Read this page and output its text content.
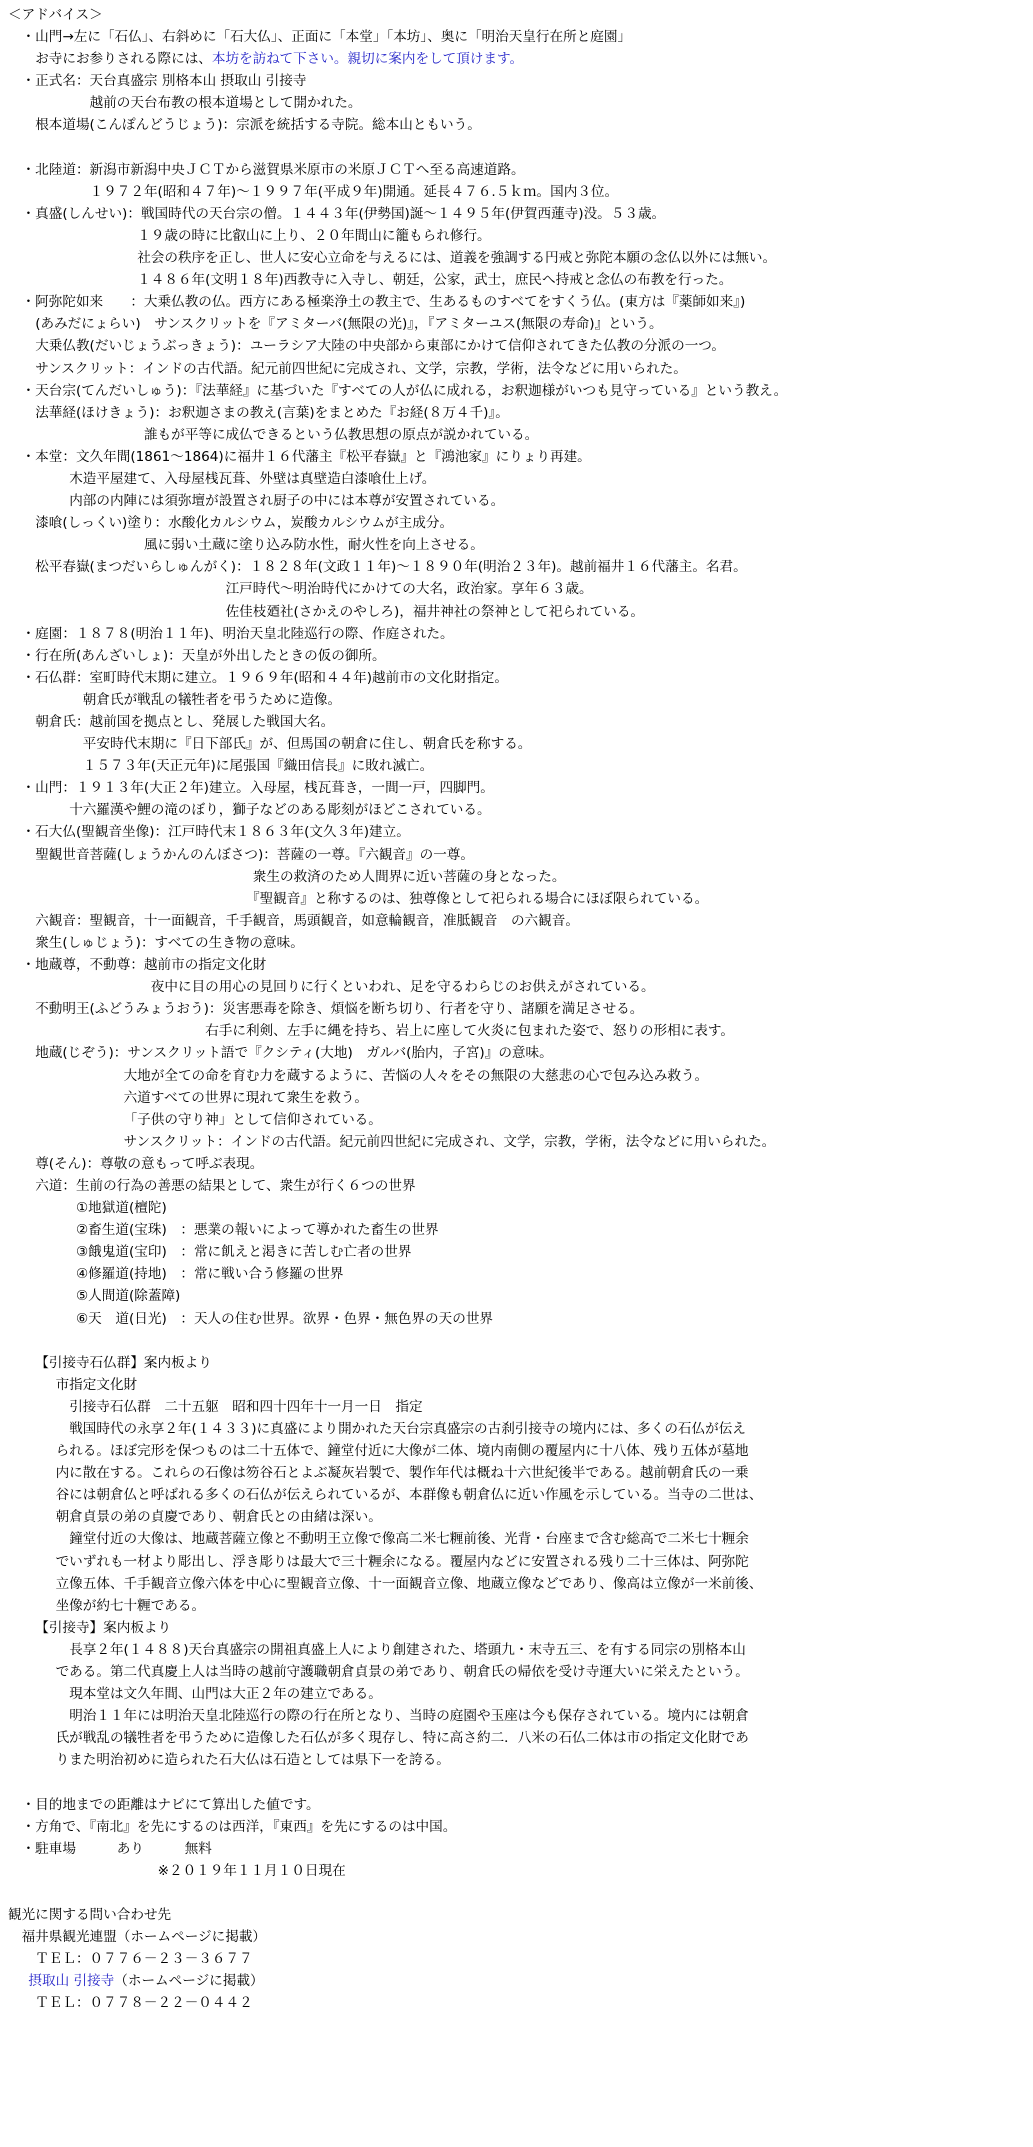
＜アドバイス＞
・山門→左に「石仏」、右斜めに「石大仏」、正面に「本堂」「本坊」、奥に「明治天皇行在所と庭園」
お寺にお参りされる際には、本坊を訪ねて下さい。親切に案内をして頂けます。
・正式名：天台真盛宗 別格本山 摂取山 引接寺
越前の天台布教の根本道場として開かれた。
根本道場(こんぽんどうじょう)：宗派を統括する寺院。総本山ともいう。
・北陸道：新潟市新潟中央ＪＣＴから滋賀県米原市の米原ＪＣＴへ至る高速道路。
１９７２年(昭和４７年)〜１９９７年(平成９年)開通。延長４７６.５ｋｍ。国内３位。
・真盛(しんせい)：戦国時代の天台宗の僧。１４４３年(伊勢国)誕〜１４９５年(伊賀西蓮寺)没。５３歳。
１９歳の時に比叡山に上り、２０年間山に籠もられ修行。
社会の秩序を正し、世人に安心立命を与えるには、道義を強調する円戒と弥陀本願の念仏以外には無い。
１４８６年(文明１８年)西教寺に入寺し、朝廷，公家，武士，庶民へ持戒と念仏の布教を行った。
・阿弥陀如来　　：大乗仏教の仏。西方にある極楽浄土の教主で、生あるものすべてをすくう仏。(東方は『薬師如来』)
(あみだにょらい)　サンスクリットを『アミターバ(無限の光)』，『アミターユス(無限の寿命)』という。
大乗仏教(だいじょうぶっきょう)：ユーラシア大陸の中央部から東部にかけて信仰されてきた仏教の分派の一つ。
サンスクリット：インドの古代語。紀元前四世紀に完成され、文学，宗教，学術，法令などに用いられた。
・天台宗(てんだいしゅう)：『法華経』に基づいた『すべての人が仏に成れる，お釈迦様がいつも見守っている』という教え。
法華経(ほけきょう)：お釈迦さまの教え(言葉)をまとめた『お経(８万４千)』。
誰もが平等に成仏できるという仏教思想の原点が説かれている。
・本堂：文久年間(1861〜1864)に福井１６代藩主『松平春嶽』と『鴻池家』にりょり再建。
木造平屋建て、入母屋桟瓦葺、外壁は真壁造白漆喰仕上げ。
内部の内陣には須弥壇が設置され厨子の中には本尊が安置されている。
漆喰(しっくい)塗り：水酸化カルシウム，炭酸カルシウムが主成分。
風に弱い土蔵に塗り込み防水性，耐火性を向上させる。
松平春嶽(まつだいらしゅんがく)：１８２８年(文政１１年)〜１８９０年(明治２３年)。越前福井１６代藩主。名君。
江戸時代〜明治時代にかけての大名，政治家。享年６３歳。
佐佳枝廼社(さかえのやしろ)，福井神社の祭神として祀られている。
・庭園：１８７８(明治１１年)、明治天皇北陸巡行の際、作庭された。
・行在所(あんざいしょ)：天皇が外出したときの仮の御所。
・石仏群：室町時代末期に建立。１９６９年(昭和４４年)越前市の文化財指定。
朝倉氏が戦乱の犠牲者を弔うために造像。
朝倉氏：越前国を拠点とし、発展した戦国大名。
平安時代末期に『日下部氏』が、但馬国の朝倉に住し、朝倉氏を称する。
１５７３年(天正元年)に尾張国『織田信長』に敗れ滅亡。
・山門：１９１３年(大正２年)建立。入母屋，桟瓦葺き，一間一戸，四脚門。
十六羅漢や鯉の滝のぼり，獅子などのある彫刻がほどこされている。
・石大仏(聖観音坐像)：江戸時代末１８６３年(文久３年)建立。
聖観世音菩薩(しょうかんのんぼさつ)：菩薩の一尊。『六観音』の一尊。
衆生の救済のため人間界に近い菩薩の身となった。
『聖観音』と称するのは、独尊像として祀られる場合にほぼ限られている。
六観音：聖観音，十一面観音，千手観音，馬頭観音，如意輪観音，准胝観音　の六観音。
衆生(しゅじょう)：すべての生き物の意味。
・地蔵尊，不動尊：越前市の指定文化財
夜中に目の用心の見回りに行くといわれ、足を守るわらじのお供えがされている。
不動明王(ふどうみょうおう)：災害悪毒を除き、煩悩を断ち切り、行者を守り、諸願を満足させる。
右手に利剣、左手に縄を持ち、岩上に座して火炎に包まれた姿で、怒りの形相に表す。
地蔵(じぞう)：サンスクリット語で『クシティ(大地)　ガルバ(胎内，子宮)』の意味。
大地が全ての命を育む力を蔵するように、苦悩の人々をその無限の大慈悲の心で包み込み救う。
六道すべての世界に現れて衆生を救う。
「子供の守り神」として信仰されている。
サンスクリット：インドの古代語。紀元前四世紀に完成され、文学，宗教，学術，法令などに用いられた。
尊(そん)：尊敬の意もって呼ぶ表現。
六道：生前の行為の善悪の結果として、衆生が行く６つの世界
①地獄道(檀陀)
②畜生道(宝珠)　：悪業の報いによって導かれた畜生の世界
③餓鬼道(宝印)　：常に飢えと渇きに苦しむ亡者の世界
④修羅道(持地)　：常に戦い合う修羅の世界
⑤人間道(除蓋障)
⑥天　道(日光)　：天人の住む世界。欲界・色界・無色界の天の世界
【引接寺石仏群】案内板より
市指定文化財
引接寺石仏群　二十五躯　昭和四十四年十一月一日　指定
戦国時代の永享２年(１４３３)に真盛により開かれた天台宗真盛宗の古刹引接寺の境内には、多くの石仏が伝え
られる。ほぼ完形を保つものは二十五体で、鐘堂付近に大像が二体、境内南側の覆屋内に十八体、残り五体が墓地
内に散在する。これらの石像は笏谷石とよぶ凝灰岩製で、製作年代は概ね十六世紀後半である。越前朝倉氏の一乗
谷には朝倉仏と呼ばれる多くの石仏が伝えられているが、本群像も朝倉仏に近い作風を示している。当寺の二世は、
朝倉貞景の弟の貞慶であり、朝倉氏との由緒は深い。
鐘堂付近の大像は、地蔵菩薩立像と不動明王立像で像高二米七糎前後、光背・台座まで含む総高で二米七十糎余
でいずれも一材より彫出し、浮き彫りは最大で三十糎余になる。覆屋内などに安置される残り二十三体は、阿弥陀
立像五体、千手観音立像六体を中心に聖観音立像、十一面観音立像、地蔵立像などであり、像高は立像が一米前後、
坐像が約七十糎である。
【引接寺】案内板より
長享２年(１４８８)天台真盛宗の開祖真盛上人により創建された、塔頭九・末寺五三、を有する同宗の別格本山
である。第二代真慶上人は当時の越前守護職朝倉貞景の弟であり、朝倉氏の帰依を受け寺運大いに栄えたという。
現本堂は文久年間、山門は大正２年の建立である。
明治１１年には明治天皇北陸巡行の際の行在所となり、当時の庭園や玉座は今も保存されている。境内には朝倉
氏が戦乱の犠牲者を弔うために造像した石仏が多く現存し、特に高さ約二．八米の石仏二体は市の指定文化財であ
りまた明治初めに造られた石大仏は石造としては県下一を誇る。
・目的地までの距離はナビにて算出した値です。
・方角で、『南北』を先にするのは西洋，『東西』を先にするのは中国。
・駐車場　　　あり　　　無料
※２０１９年１１月１０日現在
観光に関する問い合わせ先
福井県観光連盟（ホームページに掲載）
ＴＥＬ：０７７６－２３－３６７７
摂取山 引接寺（ホームページに掲載）
ＴＥＬ：０７７８－２２－０４４２
